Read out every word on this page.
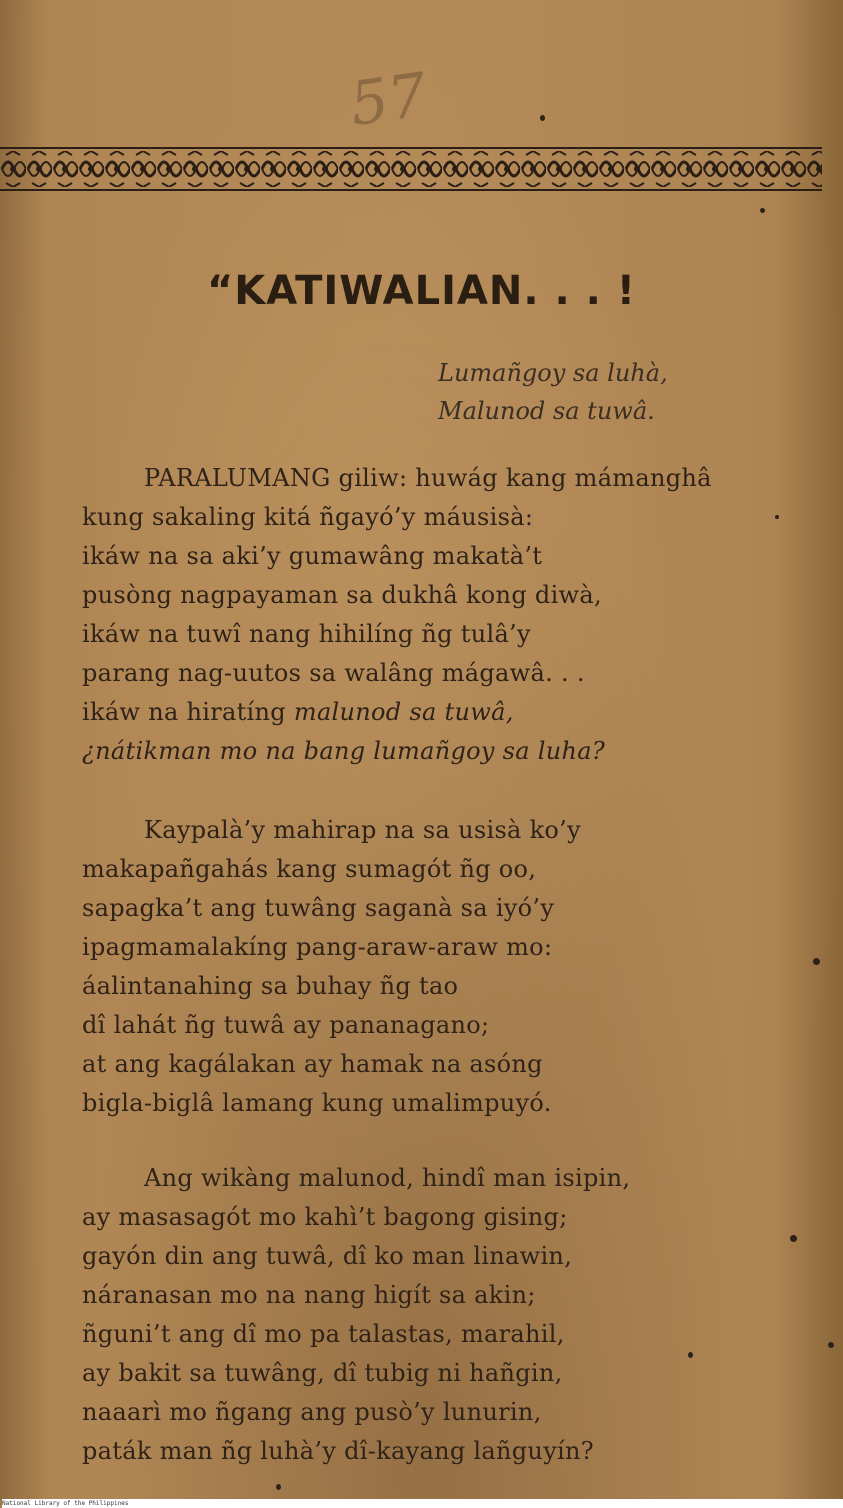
57
“KATIWALIAN. . . !
Lumañgoy sa luhà,
Malunod sa tuwâ.
PARALUMANG giliw: huwág kang mámanghâ
kung sakaling kitá ñgayó’y máusisà:
ikáw na sa aki’y gumawâng makatà’t
pusòng nagpayaman sa dukhâ kong diwà,
ikáw na tuwî nang hihilíng ñg tulâ’y
parang nag-uutos sa walâng mágawâ. . .
ikáw na hiratíng malunod sa tuwâ,
¿nátikman mo na bang lumañgoy sa luha?
Kaypalà’y mahirap na sa usisà ko’y
makapañgahás kang sumagót ñg oo,
sapagka’t ang tuwâng saganà sa iyó’y
ipagmamalakíng pang-araw-araw mo:
áalintanahing sa buhay ñg tao
dî lahát ñg tuwâ ay pananagano;
at ang kagálakan ay hamak na asóng
bigla-biglâ lamang kung umalimpuyó.
Ang wikàng malunod, hindî man isipin,
ay masasagót mo kahì’t bagong gising;
gayón din ang tuwâ, dî ko man linawin,
náranasan mo na nang higít sa akin;
ñguni’t ang dî mo pa talastas, marahil,
ay bakit sa tuwâng, dî tubig ni hañgin,
naaarì mo ñgang ang pusò’y lunurin,
paták man ñg luhà’y dî-kayang lañguyín?
National Library of the Philippines
